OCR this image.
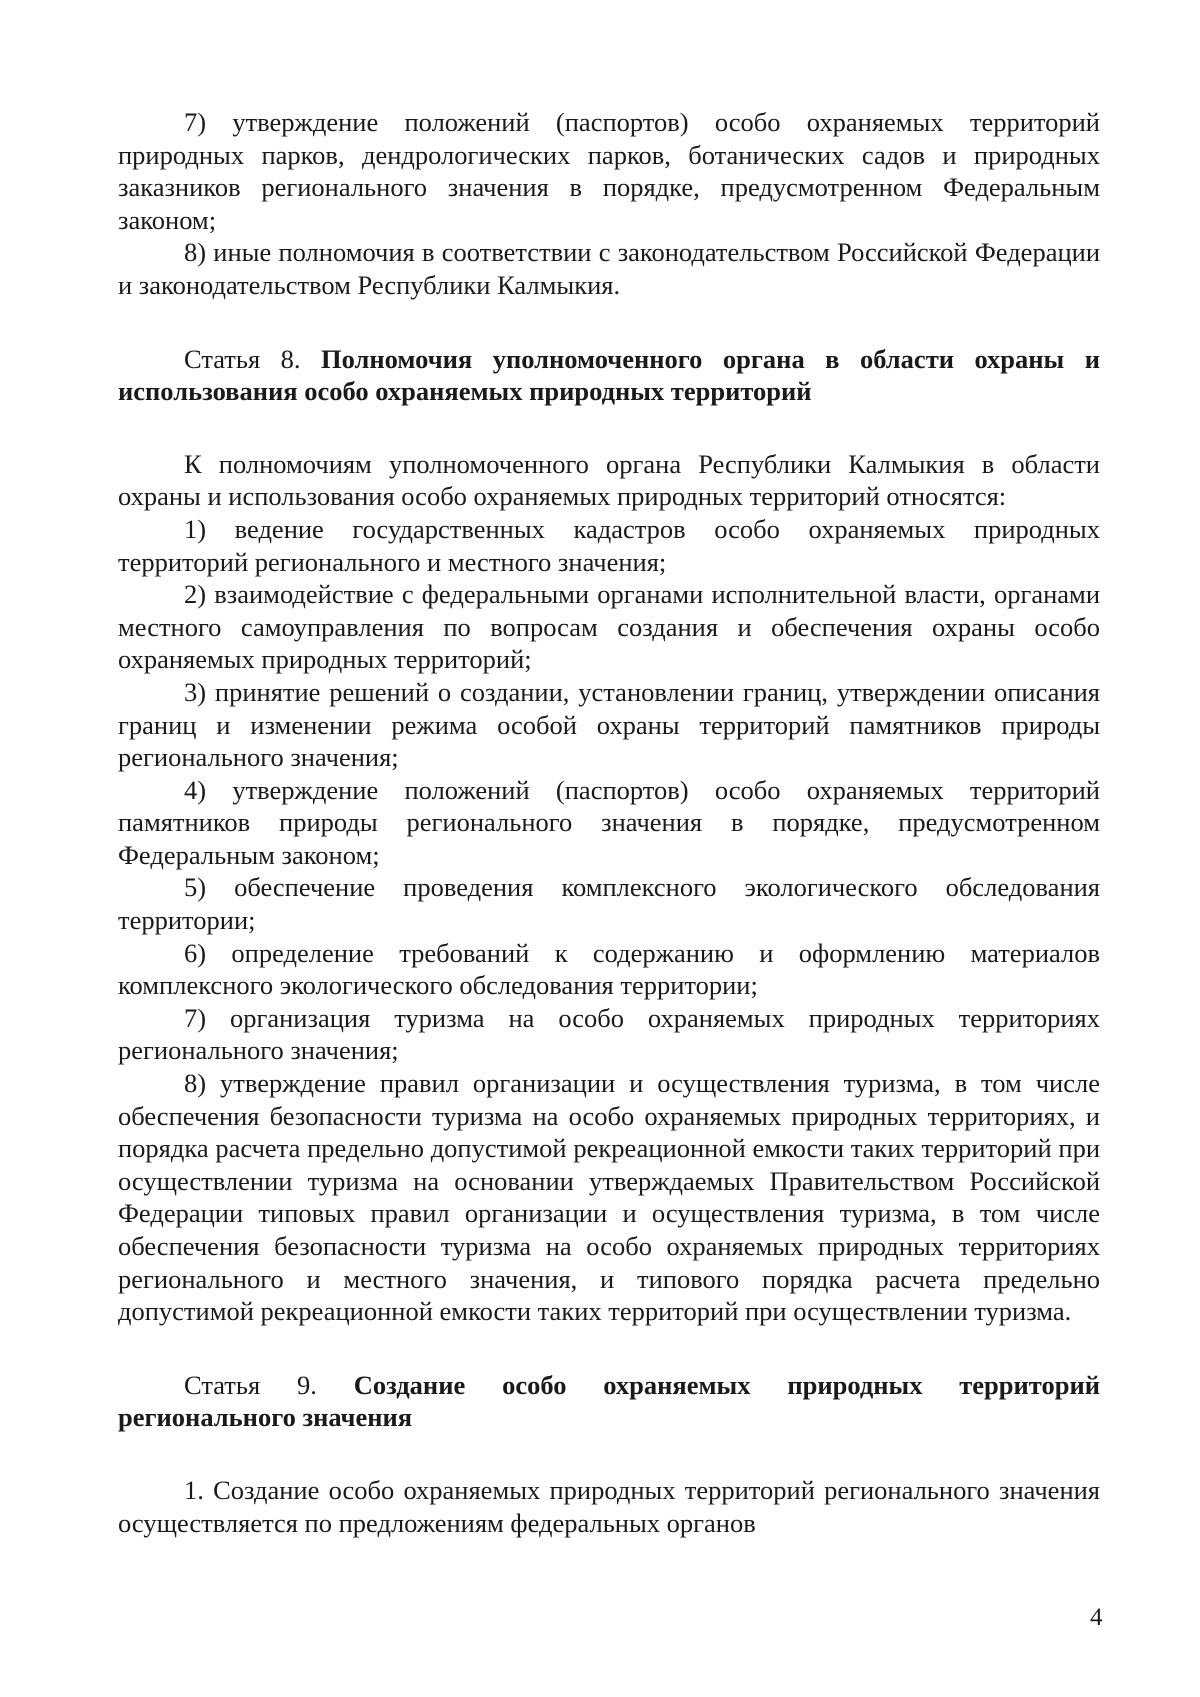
7) утверждение положений (паспортов) особо охраняемых территорий природных парков, дендрологических парков, ботанических садов и природных заказников регионального значения в порядке, предусмотренном Федеральным законом;

8) иные полномочия в соответствии с законодательством Российской Федерации и законодательством Республики Калмыкия.

Статья 8. Полномочия уполномоченного органа в области охраны и использования особо охраняемых природных территорий

К полномочиям уполномоченного органа Республики Калмыкия в области охраны и использования особо охраняемых природных территорий относятся:

1) ведение государственных кадастров особо охраняемых природных территорий регионального и местного значения;

2) взаимодействие с федеральными органами исполнительной власти, органами местного самоуправления по вопросам создания и обеспечения охраны особо охраняемых природных территорий;

3) принятие решений о создании, установлении границ, утверждении описания границ и изменении режима особой охраны территорий памятников природы регионального значения;

4) утверждение положений (паспортов) особо охраняемых территорий памятников природы регионального значения в порядке, предусмотренном Федеральным законом;

5) обеспечение проведения комплексного экологического обследования территории;

6) определение требований к содержанию и оформлению материалов комплексного экологического обследования территории;

7) организация туризма на особо охраняемых природных территориях регионального значения;

8) утверждение правил организации и осуществления туризма, в том числе обеспечения безопасности туризма на особо охраняемых природных территориях, и порядка расчета предельно допустимой рекреационной емкости таких территорий при осуществлении туризма на основании утверждаемых Правительством Российской Федерации типовых правил организации и осуществления туризма, в том числе обеспечения безопасности туризма на особо охраняемых природных территориях регионального и местного значения, и типового порядка расчета предельно допустимой рекреационной емкости таких территорий при осуществлении туризма.

Статья 9. Создание особо охраняемых природных территорий регионального значения

1. Создание особо охраняемых природных территорий регионального значения осуществляется по предложениям федеральных органов

4
